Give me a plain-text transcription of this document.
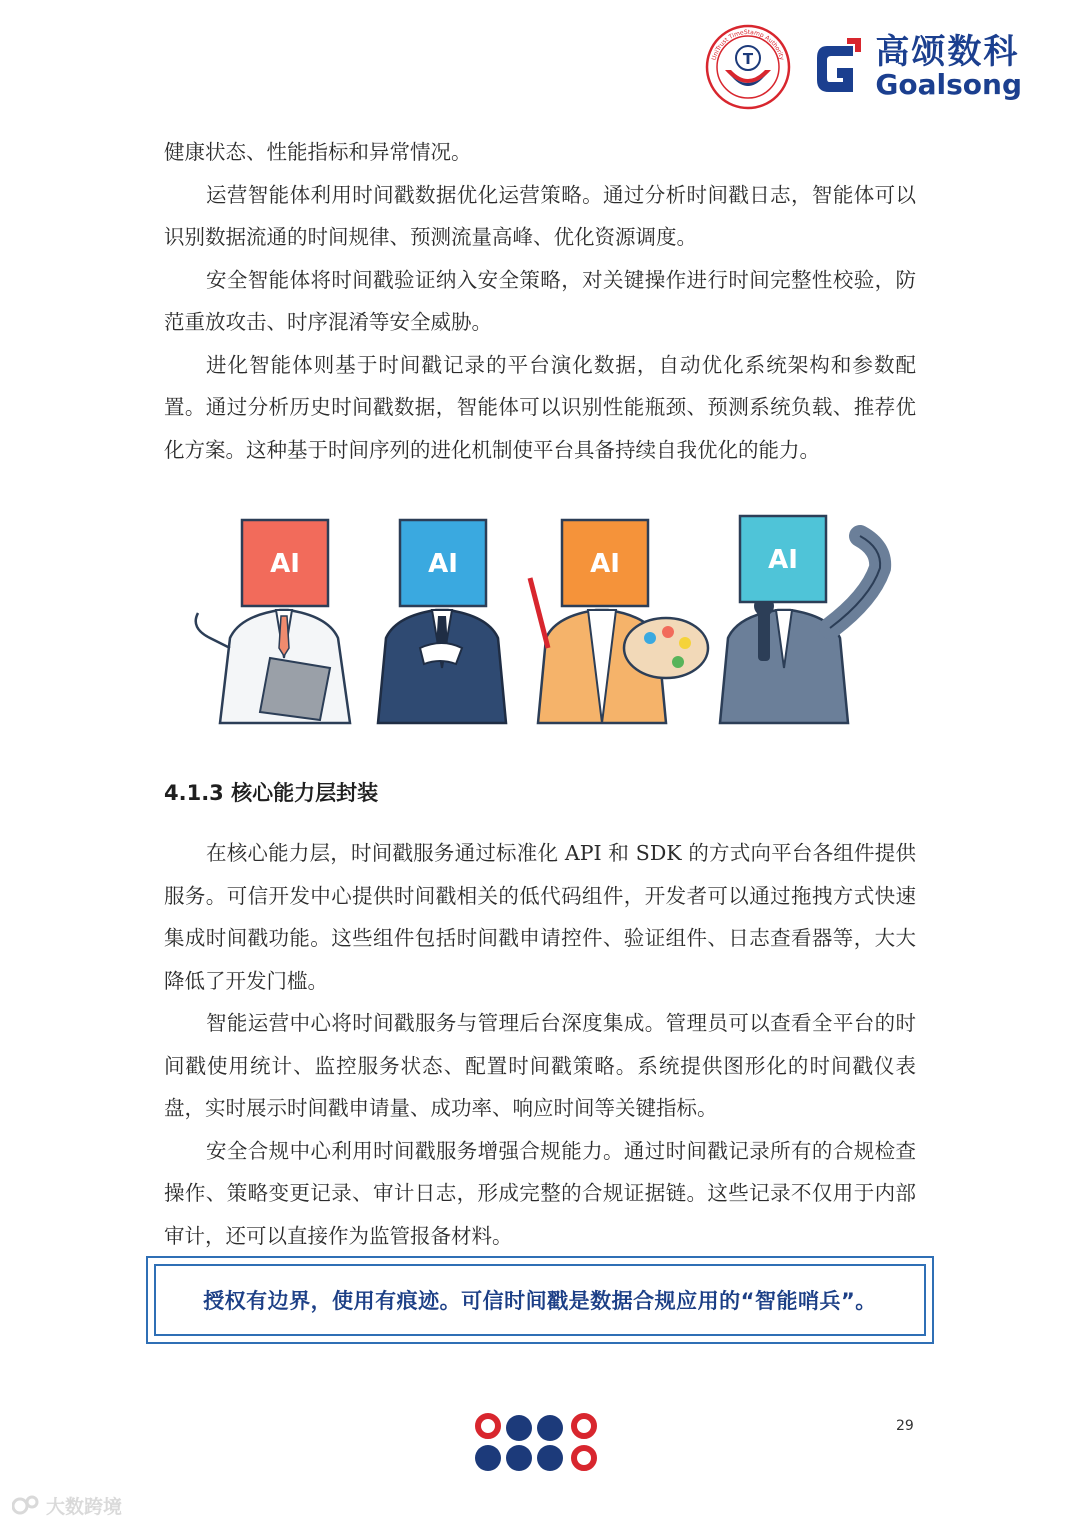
T
UniTrust TimeStamp Authority	高颂数科
Goalsong

健康状态、性能指标和异常情况。

运营智能体利用时间戳数据优化运营策略。通过分析时间戳日志，智能体可以识别数据流通的时间规律、预测流量高峰、优化资源调度。

安全智能体将时间戳验证纳入安全策略，对关键操作进行时间完整性校验，防范重放攻击、时序混淆等安全威胁。

进化智能体则基于时间戳记录的平台演化数据，自动优化系统架构和参数配置。通过分析历史时间戳数据，智能体可以识别性能瓶颈、预测系统负载、推荐优化方案。这种基于时间序列的进化机制使平台具备持续自我优化的能力。

AI	AI	AI	AI
4.1.3 核心能力层封装

在核心能力层，时间戳服务通过标准化 API 和 SDK 的方式向平台各组件提供服务。可信开发中心提供时间戳相关的低代码组件，开发者可以通过拖拽方式快速集成时间戳功能。这些组件包括时间戳申请控件、验证组件、日志查看器等，大大降低了开发门槛。

智能运营中心将时间戳服务与管理后台深度集成。管理员可以查看全平台的时间戳使用统计、监控服务状态、配置时间戳策略。系统提供图形化的时间戳仪表盘，实时展示时间戳申请量、成功率、响应时间等关键指标。

安全合规中心利用时间戳服务增强合规能力。通过时间戳记录所有的合规检查操作、策略变更记录、审计日志，形成完整的合规证据链。这些记录不仅用于内部审计，还可以直接作为监管报备材料。

授权有边界，使用有痕迹。可信时间戳是数据合规应用的“智能哨兵”。
29
大数跨境
